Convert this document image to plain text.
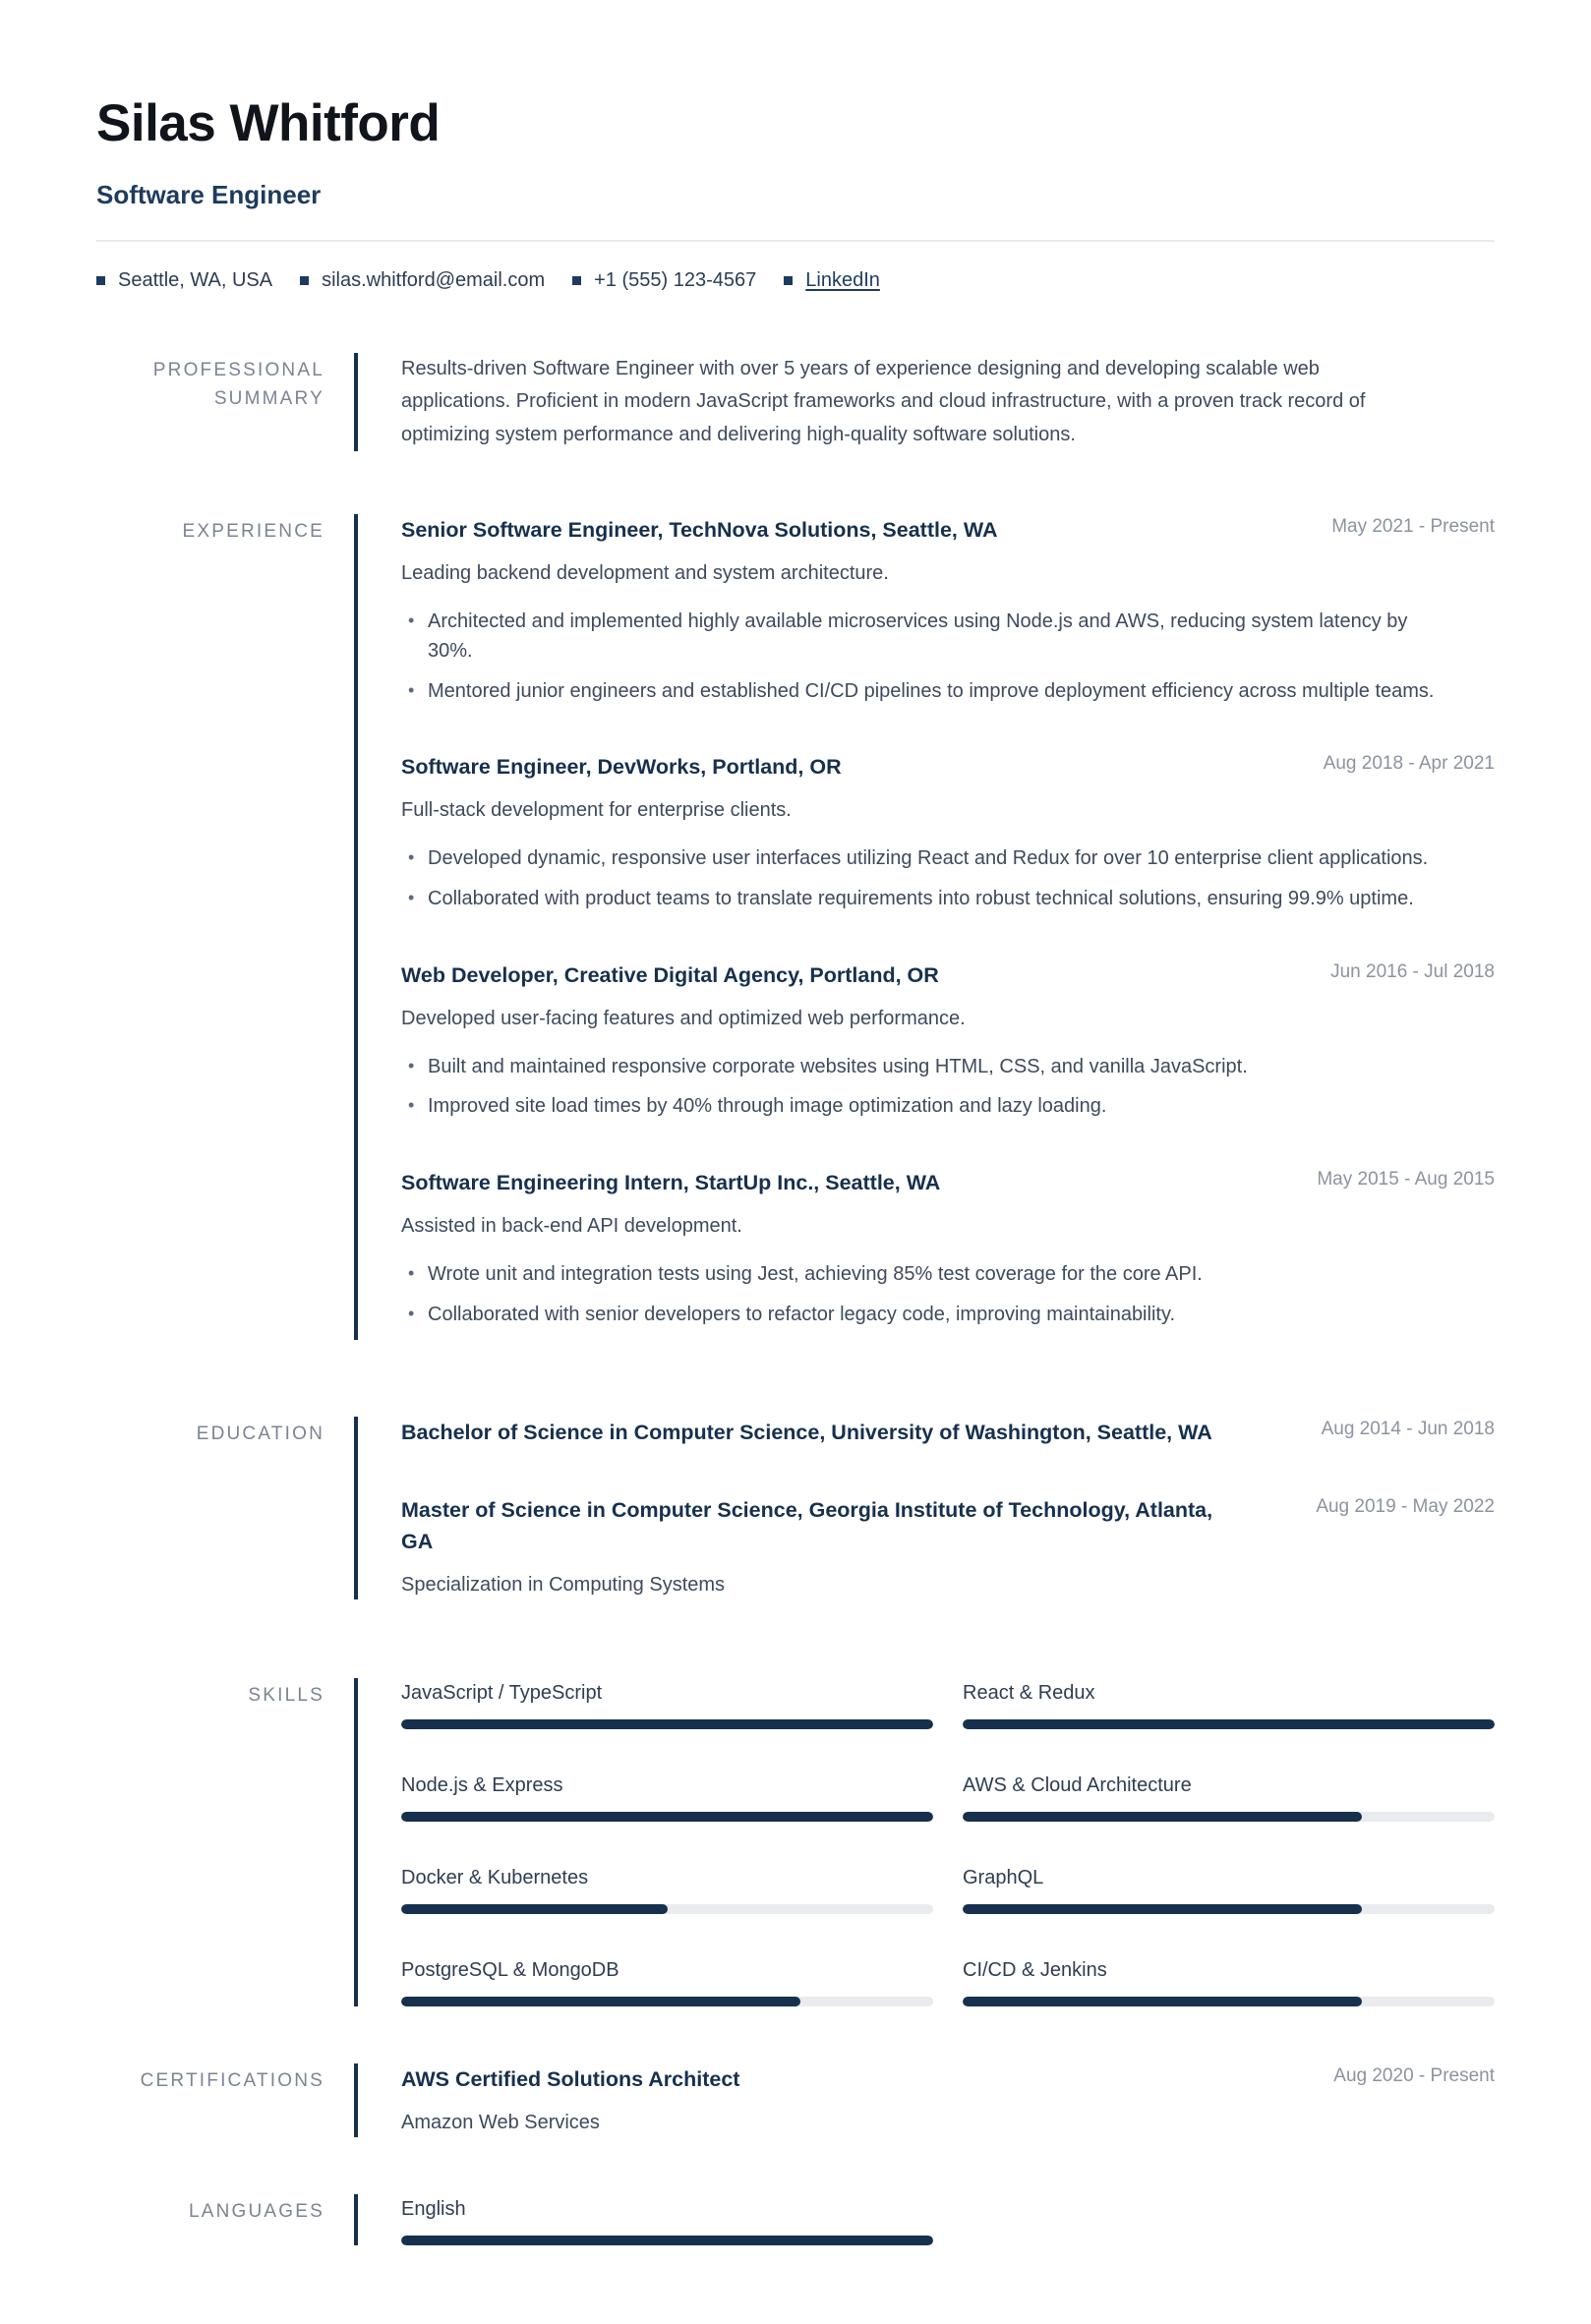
Silas Whitford
Software Engineer
Seattle, WA, USA	silas.whitford@email.com	+1 (555) 123-4567	LinkedIn
PROFESSIONAL SUMMARY

Results-driven Software Engineer with over 5 years of experience designing and developing scalable web applications. Proficient in modern JavaScript frameworks and cloud infrastructure, with a proven track record of optimizing system performance and delivering high-quality software solutions.

EXPERIENCE	Senior Software Engineer, TechNova Solutions, Seattle, WA	May 2021 - Present
Leading backend development and system architecture.
• Architected and implemented highly available microservices using Node.js and AWS, reducing system latency by 30%.
• Mentored junior engineers and established CI/CD pipelines to improve deployment efficiency across multiple teams.
Software Engineer, DevWorks, Portland, OR	Aug 2018 - Apr 2021
Full-stack development for enterprise clients.
• Developed dynamic, responsive user interfaces utilizing React and Redux for over 10 enterprise client applications.
• Collaborated with product teams to translate requirements into robust technical solutions, ensuring 99.9% uptime.
Web Developer, Creative Digital Agency, Portland, OR	Jun 2016 - Jul 2018
Developed user-facing features and optimized web performance.
• Built and maintained responsive corporate websites using HTML, CSS, and vanilla JavaScript.
• Improved site load times by 40% through image optimization and lazy loading.
Software Engineering Intern, StartUp Inc., Seattle, WA	May 2015 - Aug 2015
Assisted in back-end API development.
• Wrote unit and integration tests using Jest, achieving 85% test coverage for the core API.
• Collaborated with senior developers to refactor legacy code, improving maintainability.
EDUCATION	Bachelor of Science in Computer Science, University of Washington, Seattle, WA	Aug 2014 - Jun 2018
Master of Science in Computer Science, Georgia Institute of Technology, Atlanta, GA
Aug 2019 - May 2022
Specialization in Computing Systems
SKILLS	JavaScript / TypeScript	React & Redux
Node.js & Express	AWS & Cloud Architecture
Docker & Kubernetes	GraphQL
PostgreSQL & MongoDB	CI/CD & Jenkins
CERTIFICATIONS	AWS Certified Solutions Architect	Aug 2020 - Present
Amazon Web Services
LANGUAGES	English
